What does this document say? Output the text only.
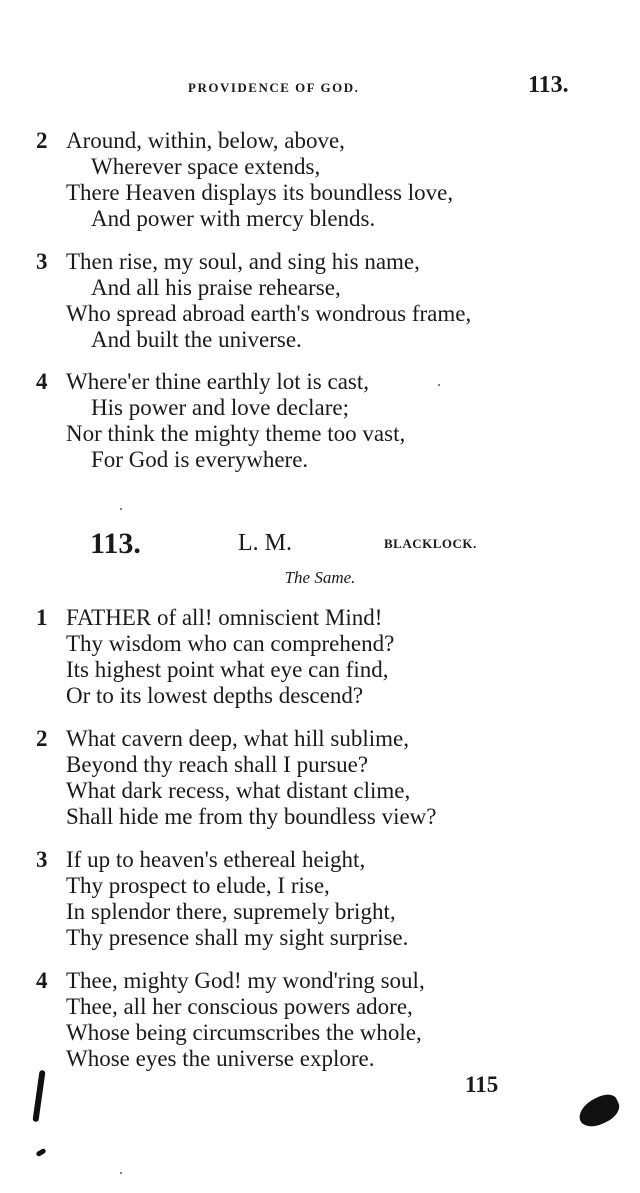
PROVIDENCE OF GOD.	113.
2 Around, within, below, above,
Wherever space extends,
There Heaven displays its boundless love,
And power with mercy blends.
3 Then rise, my soul, and sing his name,
And all his praise rehearse,
Who spread abroad earth's wondrous frame,
And built the universe.
4 Where'er thine earthly lot is cast,
His power and love declare;
Nor think the mighty theme too vast,
For God is everywhere.
113.	L. M.	BLACKLOCK.
The Same.
1 FATHER of all! omniscient Mind!
Thy wisdom who can comprehend?
Its highest point what eye can find,
Or to its lowest depths descend?
2 What cavern deep, what hill sublime,
Beyond thy reach shall I pursue?
What dark recess, what distant clime,
Shall hide me from thy boundless view?
3 If up to heaven's ethereal height,
Thy prospect to elude, I rise,
In splendor there, supremely bright,
Thy presence shall my sight surprise.
4 Thee, mighty God! my wond'ring soul,
Thee, all her conscious powers adore,
Whose being circumscribes the whole,
Whose eyes the universe explore.
115
